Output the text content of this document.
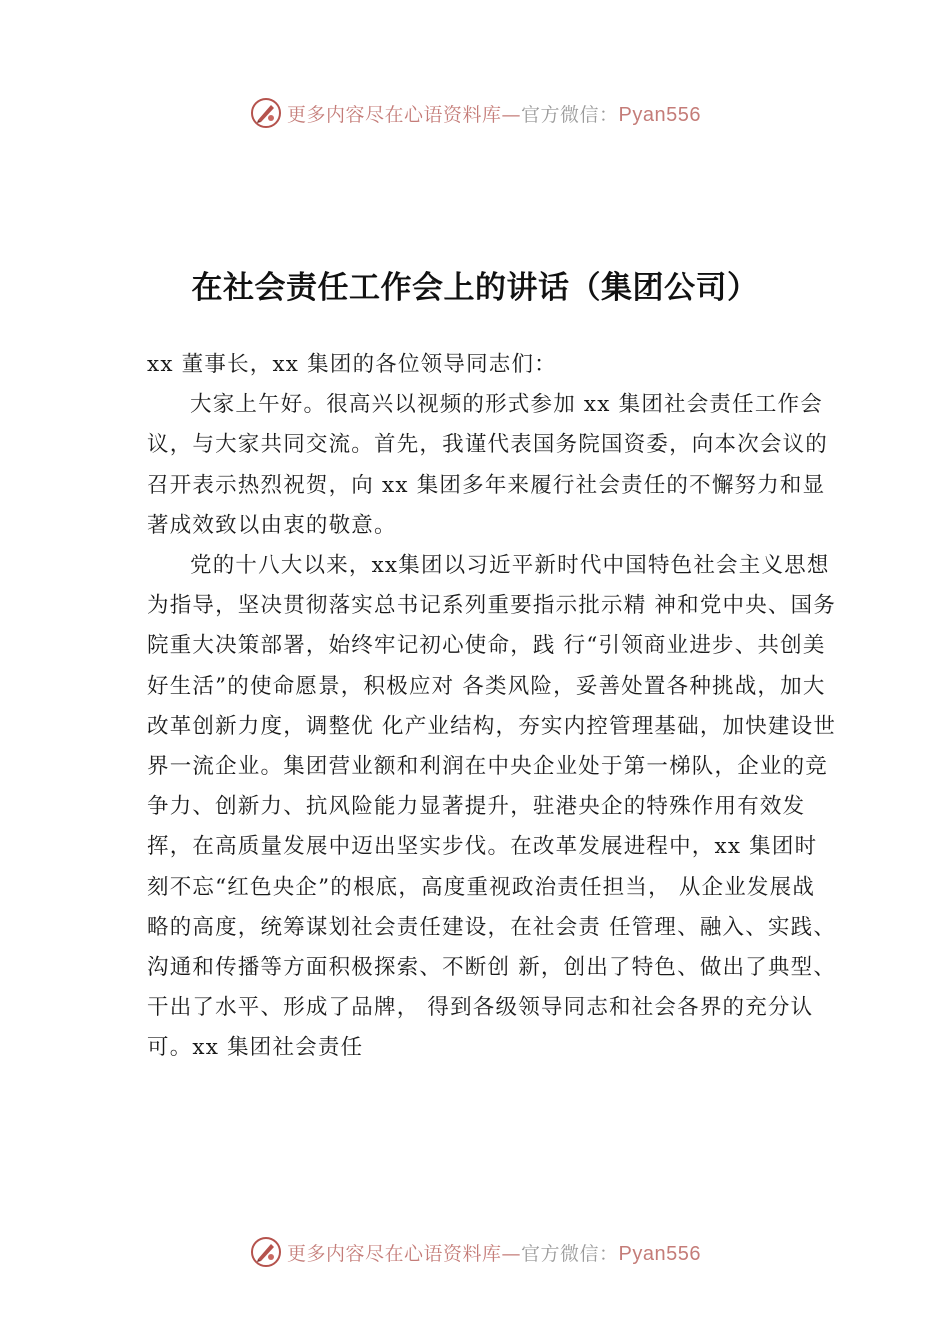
更多内容尽在心语资料库—官方微信：Pyan556
在社会责任工作会上的讲话（集团公司）

xx 董事长，xx 集团的各位领导同志们：

大家上午好。很高兴以视频的形式参加 xx 集团社会责任工作会议，与大家共同交流。首先，我谨代表国务院国资委，向本次会议的召开表示热烈祝贺，向 xx 集团多年来履行社会责任的不懈努力和显著成效致以由衷的敬意。

党的十八大以来，xx集团以习近平新时代中国特色社会主义思想为指导，坚决贯彻落实总书记系列重要指示批示精 神和党中央、国务院重大决策部署，始终牢记初心使命，践 行“引领商业进步、共创美好生活”的使命愿景，积极应对 各类风险，妥善处置各种挑战，加大改革创新力度，调整优 化产业结构，夯实内控管理基础，加快建设世界一流企业。集团营业额和利润在中央企业处于第一梯队，企业的竞争力、创新力、抗风险能力显著提升，驻港央企的特殊作用有效发 挥，在高质量发展中迈出坚实步伐。在改革发展进程中，xx 集团时刻不忘“红色央企”的根底，高度重视政治责任担当， 从企业发展战略的高度，统筹谋划社会责任建设，在社会责 任管理、融入、实践、沟通和传播等方面积极探索、不断创 新，创出了特色、做出了典型、干出了水平、形成了品牌， 得到各级领导同志和社会各界的充分认可。xx 集团社会责任

更多内容尽在心语资料库—官方微信：Pyan556
